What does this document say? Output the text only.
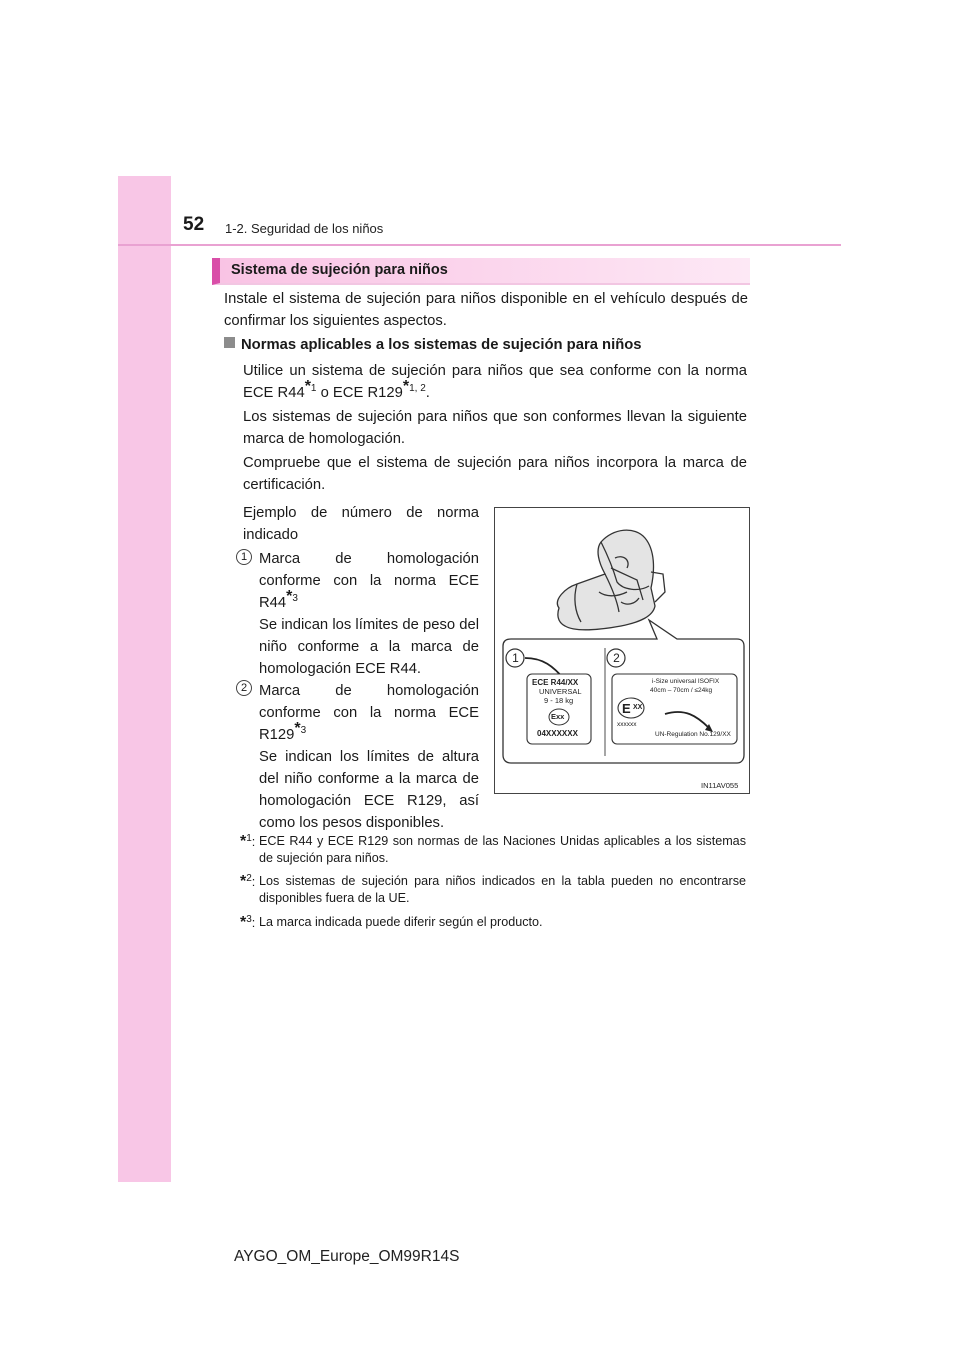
52 1-2. Seguridad de los niños
Sistema de sujeción para niños
Instale el sistema de sujeción para niños disponible en el vehículo después de confirmar los siguientes aspectos.
Normas aplicables a los sistemas de sujeción para niños
Utilice un sistema de sujeción para niños que sea conforme con la norma ECE R44$^{*1}$ o ECE R129$^{*1, 2}$.
Los sistemas de sujeción para niños que son conformes llevan la siguiente marca de homologación.
Compruebe que el sistema de sujeción para niños incorpora la marca de certificación.
Ejemplo de número de norma indicado
1 Marca de homologación conforme con la norma ECE R44$^{*3}$
Se indican los límites de peso del niño conforme a la marca de homologación ECE R44.
2 Marca de homologación conforme con la norma ECE R129$^{*3}$
Se indican los límites de altura del niño conforme a la marca de homologación ECE R129, así como los pesos disponibles.
1	2
ECE R44/XX
UNIVERSAL
9 - 18 kg
Exx
04XXXXXX
i-Size universal ISOFIX
40cm – 70cm / ≤24kg
E XX
xxxxxx
UN-Regulation No.129/XX
IN11AV055
*$^1$: ECE R44 y ECE R129 son normas de las Naciones Unidas aplicables a los sistemas de sujeción para niños.
*$^2$: Los sistemas de sujeción para niños indicados en la tabla pueden no encontrarse disponibles fuera de la UE.
*$^3$: La marca indicada puede diferir según el producto.
AYGO_OM_Europe_OM99R14S
